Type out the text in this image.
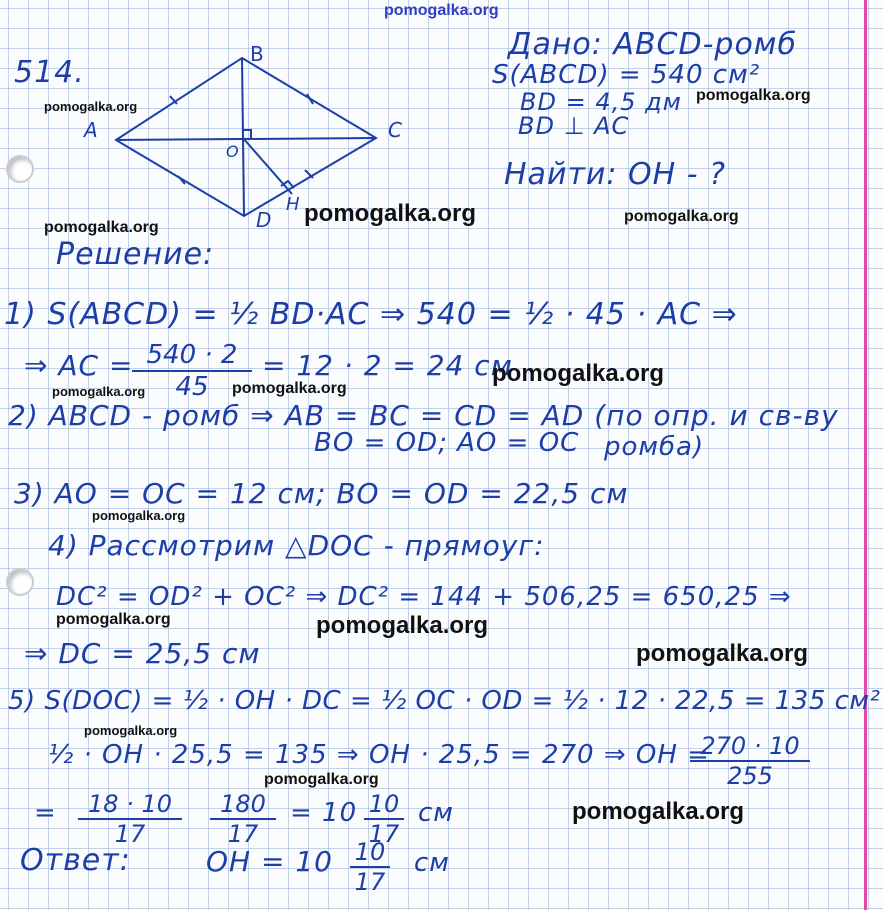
pomogalka.org
514.
B
A	C
D
O
H
Дано: ABCD-ромб
S(ABCD) = 540 см²
BD = 4,5 дм
BD ⊥ AC
Найти: OH - ?
Решение:
1) S(ABCD) = ½ BD·AC ⇒ 540 = ½ · 45 · AC ⇒
⇒ AC = 540 · 2
45
= 12 · 2 = 24 см
2) ABCD - ромб ⇒ AB = BC = CD = AD (по опр. и св-ву
BO = OD; AO = OC ромба)
3) AO = OC = 12 см; BO = OD = 22,5 см
4) Рассмотрим △DOC - прямоуг:
DC² = OD² + OC² ⇒ DC² = 144 + 506,25 = 650,25 ⇒
⇒ DC = 25,5 см
5) S(DOC) = ½ · OH · DC = ½ OC · OD = ½ · 12 · 22,5 = 135 см²
½ · OH · 25,5 = 135 ⇒ OH · 25,5 = 270 ⇒ OH =
270 · 10
255
=	18 · 10
17
180
17
= 10 10
17
см
Ответ:	OH = 10 10
17
см
pomogalka.org
pomogalka.org
pomogalka.org	pomogalka.org
pomogalka.org
pomogalka.org
pomogalka.org	pomogalka.org
pomogalka.org
pomogalka.org	pomogalka.org
pomogalka.org
pomogalka.org
pomogalka.org
pomogalka.org
